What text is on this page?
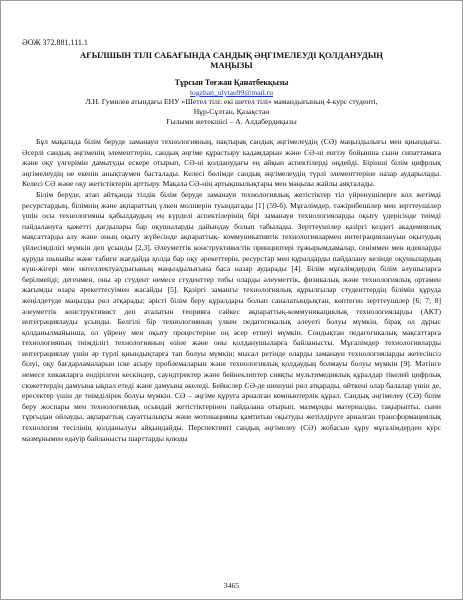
ӘОЖ 372.881.111.1
АҒЫЛШЫН ТІЛІ САБАҒЫНДА САНДЫҚ ӘҢГІМЕЛЕУДІ ҚОЛДАНУДЫҢ
МАҢЫЗЫ
Тұрсын Тоғжан Қанатбекқызы
togzhan_ulytau99@mail.ru
Л.Н. Гумилев атындағы ЕНУ «Шетел тілі: екі шетел тілі» мамандығының 4-курс студенті,
Нұр-Сұлтан, Қазақстан
Ғылыми жетекшісі – А. Алдабердиқызы

Бұл мақалада білім беруде заманауи технологияның, нақтырақ сандық әңгімелеудің (СӘ) маңыздылығы мен қиындығы. Әсерлі сандық әңгіменің элементтерін, сандық әңгіме құрастыру кадамдарын және СӘ-ні енгізу бойынша сыни сипаттамаға және оқу үлгерімін дамытуды ескере отырып, СӘ-ні қолданудағы ең айқын аспектілерді өңдейді. Бірінші білім цифрлық әңгімелеудің не екенін анықтаумен басталады. Келесі бөлімде сандық әңгімелеудің түрлі элементтеріне назар аударылады. Келесі СӘ және оқу жетістіктерін арттыру. Мақала СӘ-нің артықшылықтары мен маңызы жайлы аяқталады.

Білім беруде, атап айтқанда тілдік білім беруде заманауи технологиялық жетістіктер тіл үйренушілерге кол жетімді ресурстардың, білімнің және ақпараттың үлкен молшерін туындатады [1] (59-б). Мұғалімдер, тәжірибешілер мен зерттеушілер үшін осы технологияны қабылдаудың ең күрделі аспектілерінің бірі заманауи технологияларды оқыту үдерісінде тиімді пайдалануға қажетті дағдылары бар оқушыларды дайындау болып табылады. Зерттеушілер қазіргі кездегі академиялық мақсаттарды алу және оның оқыту жүйесінде ақпараттық- коммуникативтік технологиялармен интеграциялануын оқытудың үйлесімділігі мүмкін деп ұсынды [2,3]. Әлеуметтік конструктивистік принциптері тұжырымдамалар, сеніммен мен идеяларды құруда шынайы және табиғи жағдайда қолда бар оқу әрекеттерін, ресурстар мен құралдарды пайдалану кезінде оқушылардың күш-жігері мен интеллектуалдығының маңыздылығына баса назар аударады [4]. Білім мұғалімдердің білім алушыларға берілмейді; дегенмен, оны әр студент немесе студенттер тобы оларды әлеуметтік, физикалық және технологиялық ортамен жағымды өзара әрекеттесуімен жасайды [5]. Қазіргі заманғы технологиялық құрылғылар студенттердің білімін құруда жеңілдетуде маңызды рөл атқарады; әрісті білім беру құралдары болып саналатындықтан, көптеген зерттеушілер [6; 7; 8] әлеуметтік конструктивист деп аталатын теорияға сәйкес ақпараттық-коммуникациялық технологияларды (АКТ) интеграциялауды ұсынды. Белгілі бір технологияның үлкен педагогикалық әлеуеті болуы мүмкін, бірақ ол дұрыс қолданылмайынша, ол үйрену мен оқыту процестеріне оң әсер етпеуі мүмкін. Сондықтан педагогикалық мақсаттарға технологияның тиімділігі технологияның өзіне және оны қолданушыларға байланысты. Мұғалімдер технологияларды интеграциялау үшін әр түрлі қиындықтарға тап болуы мүмкін; мысал ретінде оларды заманауи технологияларды жетесінсіз білуі, оқу бағдарламаларын іске асыру проблемаларын және технологиялық қолдаудың болмауы болуы мүмкін [9]. Мәтінге немесе хикаяларға ендірілген кескіндер, саундтректер және бейнеклиптер сияқты мультимедиялық құралдар тікелей цифрлық сюжеттердің дамуына ықпал етеді және дамуына әкеледі. Бейнслер СӘ-де шешуші рөл атқарады, өйткені олар балалар үшін де, ересектер үшін де тиімділірек болуы мүмкін. СӘ – әңгіме құруға арналған компьютерлік құрал. Сандық әңгімелеу (СӘ) білім беру жоспары мен технологиялық осындай жетістіктерінен пайдалана отырып, мазмұнды материалды, тақырыпты, сыни тұрғыдан ойлауды, ақпараттық сауаттылықты және мотивацияны қамтитын оқытуды жетілдіруге арналған трансформациялық технология тесілінің қолданылуы айқындайды. Перспективті сандық әңгімелеу (СӘ) жобасын құру мұғалімдерден курс мазмұнымен едәуір байланысты шарттарды қоюды

3465
